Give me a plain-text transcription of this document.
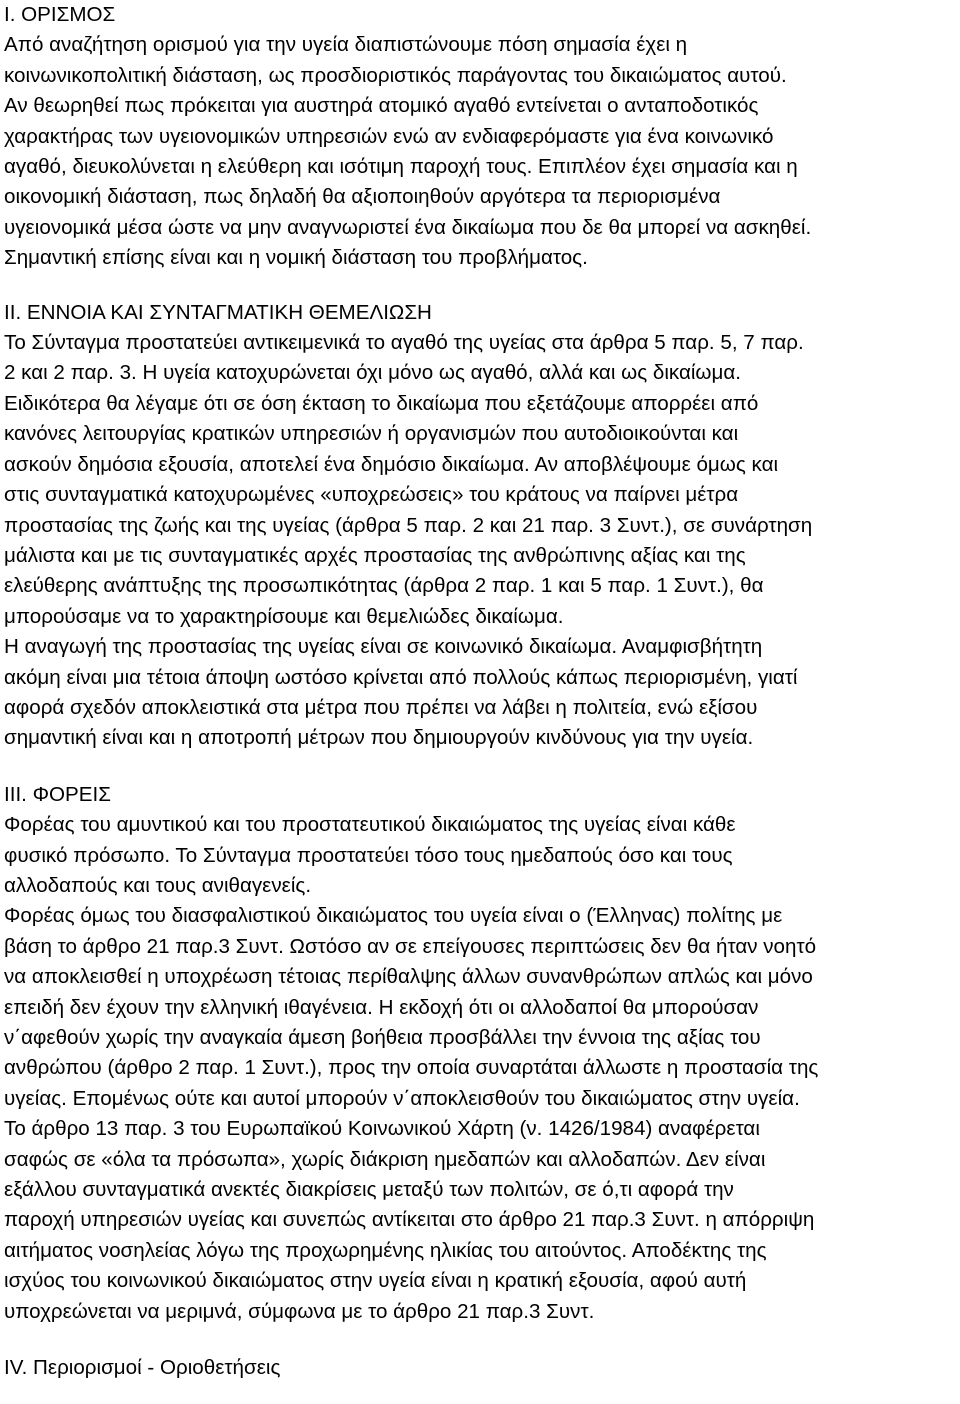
Ι. ΟΡΙΣΜΟΣ

Από αναζήτηση ορισμού για την υγεία διαπιστώνουμε πόση σημασία έχει η

κοινωνικοπολιτική διάσταση, ως προσδιοριστικός παράγοντας του δικαιώματος αυτού.

Αν θεωρηθεί πως πρόκειται για αυστηρά ατομικό αγαθό εντείνεται ο ανταποδοτικός

χαρακτήρας των υγειονομικών υπηρεσιών ενώ αν ενδιαφερόμαστε για ένα κοινωνικό

αγαθό, διευκολύνεται η ελεύθερη και ισότιμη παροχή τους. Επιπλέον έχει σημασία και η

οικονομική διάσταση, πως δηλαδή θα αξιοποιηθούν αργότερα τα περιορισμένα

υγειονομικά μέσα ώστε να μην αναγνωριστεί ένα δικαίωμα που δε θα μπορεί να ασκηθεί.

Σημαντική επίσης είναι και η νομική διάσταση του προβλήματος.

ΙΙ. ΕΝΝΟΙΑ ΚΑΙ ΣΥΝΤΑΓΜΑΤΙΚΗ ΘΕΜΕΛΙΩΣΗ

Το Σύνταγμα προστατεύει αντικειμενικά το αγαθό της υγείας στα άρθρα 5 παρ. 5, 7 παρ.

2 και 2 παρ. 3. Η υγεία κατοχυρώνεται όχι μόνο ως αγαθό, αλλά και ως δικαίωμα.

Ειδικότερα θα λέγαμε ότι σε όση έκταση το δικαίωμα που εξετάζουμε απορρέει από

κανόνες λειτουργίας κρατικών υπηρεσιών ή οργανισμών που αυτοδιοικούνται και

ασκούν δημόσια εξουσία, αποτελεί ένα δημόσιο δικαίωμα. Αν αποβλέψουμε όμως και

στις συνταγματικά κατοχυρωμένες «υποχρεώσεις» του κράτους να παίρνει μέτρα

προστασίας της ζωής και της υγείας (άρθρα 5 παρ. 2 και 21 παρ. 3 Συντ.), σε συνάρτηση

μάλιστα και με τις συνταγματικές αρχές προστασίας της ανθρώπινης αξίας και της

ελεύθερης ανάπτυξης της προσωπικότητας (άρθρα 2 παρ. 1 και 5 παρ. 1 Συντ.), θα

μπορούσαμε να το χαρακτηρίσουμε και θεμελιώδες δικαίωμα.

Η αναγωγή της προστασίας της υγείας είναι σε κοινωνικό δικαίωμα. Αναμφισβήτητη

ακόμη είναι μια τέτοια άποψη ωστόσο κρίνεται από πολλούς κάπως περιορισμένη, γιατί

αφορά σχεδόν αποκλειστικά στα μέτρα που πρέπει να λάβει η πολιτεία, ενώ εξίσου

σημαντική είναι και η αποτροπή μέτρων που δημιουργούν κινδύνους για την υγεία.

ΙΙΙ. ΦΟΡΕΙΣ

Φορέας του αμυντικού και του προστατευτικού δικαιώματος της υγείας είναι κάθε

φυσικό πρόσωπο. Το Σύνταγμα προστατεύει τόσο τους ημεδαπούς όσο και τους

αλλοδαπούς και τους ανιθαγενείς.

Φορέας όμως του διασφαλιστικού δικαιώματος του υγεία είναι ο (Έλληνας) πολίτης με

βάση το άρθρο 21 παρ.3 Συντ. Ωστόσο αν σε επείγουσες περιπτώσεις δεν θα ήταν νοητό

να αποκλεισθεί η υποχρέωση τέτοιας περίθαλψης άλλων συνανθρώπων απλώς και μόνο

επειδή δεν έχουν την ελληνική ιθαγένεια. Η εκδοχή ότι οι αλλοδαποί θα μπορούσαν

ν΄αφεθούν χωρίς την αναγκαία άμεση βοήθεια προσβάλλει την έννοια της αξίας του

ανθρώπου (άρθρο 2 παρ. 1 Συντ.), προς την οποία συναρτάται άλλωστε η προστασία της

υγείας. Επομένως ούτε και αυτοί μπορούν ν΄αποκλεισθούν του δικαιώματος στην υγεία.

Το άρθρο 13 παρ. 3 του Ευρωπαϊκού Κοινωνικού Χάρτη (ν. 1426/1984) αναφέρεται

σαφώς σε «όλα τα πρόσωπα», χωρίς διάκριση ημεδαπών και αλλοδαπών. Δεν είναι

εξάλλου συνταγματικά ανεκτές διακρίσεις μεταξύ των πολιτών, σε ό,τι αφορά την

παροχή υπηρεσιών υγείας και συνεπώς αντίκειται στο άρθρο 21 παρ.3 Συντ. η απόρριψη

αιτήματος νοσηλείας λόγω της προχωρημένης ηλικίας του αιτούντος. Αποδέκτης της

ισχύος του κοινωνικού δικαιώματος στην υγεία είναι η κρατική εξουσία, αφού αυτή

υποχρεώνεται να μεριμνά, σύμφωνα με το άρθρο 21 παρ.3 Συντ.

IV. Περιορισμοί - Οριοθετήσεις
